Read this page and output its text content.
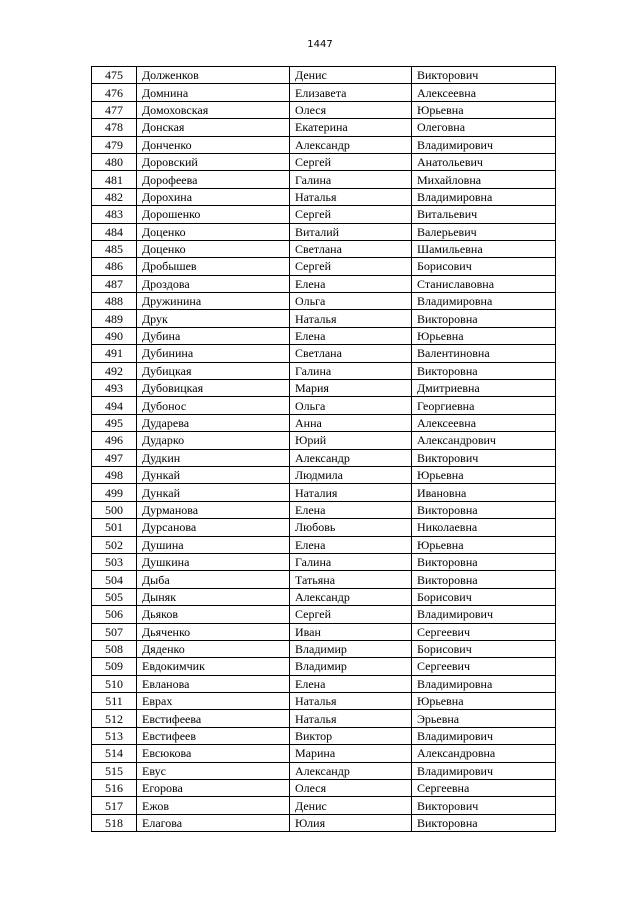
1447
475	Долженков	Денис	Викторович
476	Домнина	Елизавета	Алексеевна
477	Домоховская	Олеся	Юрьевна
478	Донская	Екатерина	Олеговна
479	Донченко	Александр	Владимирович
480	Доровский	Сергей	Анатольевич
481	Дорофеева	Галина	Михайловна
482	Дорохина	Наталья	Владимировна
483	Дорошенко	Сергей	Витальевич
484	Доценко	Виталий	Валерьевич
485	Доценко	Светлана	Шамильевна
486	Дробышев	Сергей	Борисович
487	Дроздова	Елена	Станиславовна
488	Дружинина	Ольга	Владимировна
489	Друк	Наталья	Викторовна
490	Дубина	Елена	Юрьевна
491	Дубинина	Светлана	Валентиновна
492	Дубицкая	Галина	Викторовна
493	Дубовицкая	Мария	Дмитриевна
494	Дубонос	Ольга	Георгиевна
495	Дударева	Анна	Алексеевна
496	Дударко	Юрий	Александрович
497	Дудкин	Александр	Викторович
498	Дункай	Людмила	Юрьевна
499	Дункай	Наталия	Ивановна
500	Дурманова	Елена	Викторовна
501	Дурсанова	Любовь	Николаевна
502	Душина	Елена	Юрьевна
503	Душкина	Галина	Викторовна
504	Дыба	Татьяна	Викторовна
505	Дыняк	Александр	Борисович
506	Дьяков	Сергей	Владимирович
507	Дьяченко	Иван	Сергеевич
508	Дяденко	Владимир	Борисович
509	Евдокимчик	Владимир	Сергеевич
510	Евланова	Елена	Владимировна
511	Еврах	Наталья	Юрьевна
512	Евстифеева	Наталья	Эрьевна
513	Евстифеев	Виктор	Владимирович
514	Евсюкова	Марина	Александровна
515	Евус	Александр	Владимирович
516	Егорова	Олеся	Сергеевна
517	Ежов	Денис	Викторович
518	Елагова	Юлия	Викторовна
